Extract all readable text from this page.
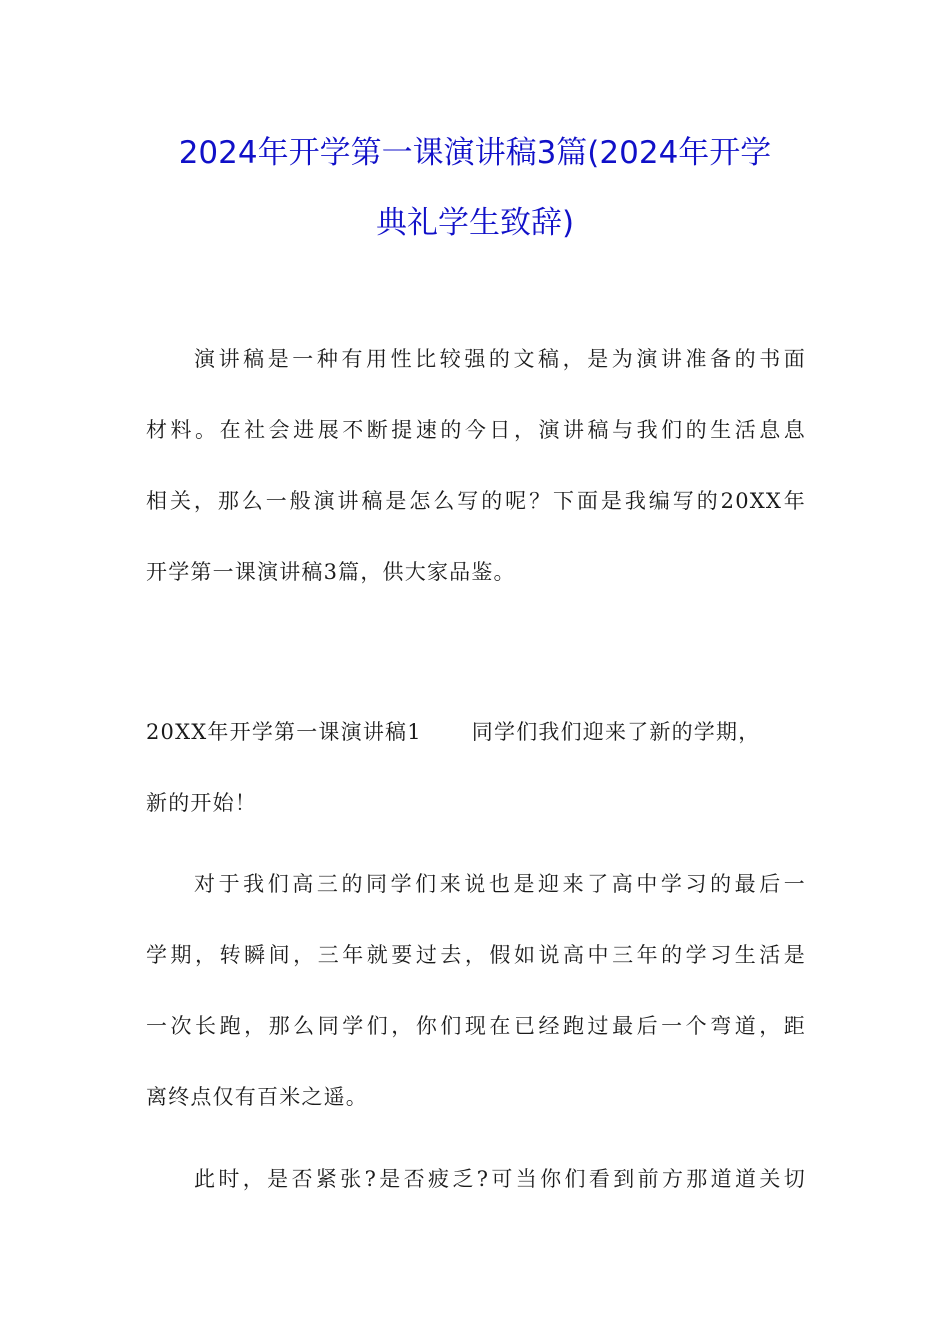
2024年开学第一课演讲稿3篇(2024年开学
典礼学生致辞)
演讲稿是一种有用性比较强的文稿，是为演讲准备的书面
材料。在社会进展不断提速的今日，演讲稿与我们的生活息息
相关，那么一般演讲稿是怎么写的呢？下面是我编写的20XX年
开学第一课演讲稿3篇，供大家品鉴。
20XX年开学第一课演讲稿1 同学们我们迎来了新的学期，
新的开始！
对于我们高三的同学们来说也是迎来了高中学习的最后一
学期，转瞬间，三年就要过去，假如说高中三年的学习生活是
一次长跑，那么同学们，你们现在已经跑过最后一个弯道，距
离终点仅有百米之遥。
此时，是否紧张?是否疲乏?可当你们看到前方那道道关切
